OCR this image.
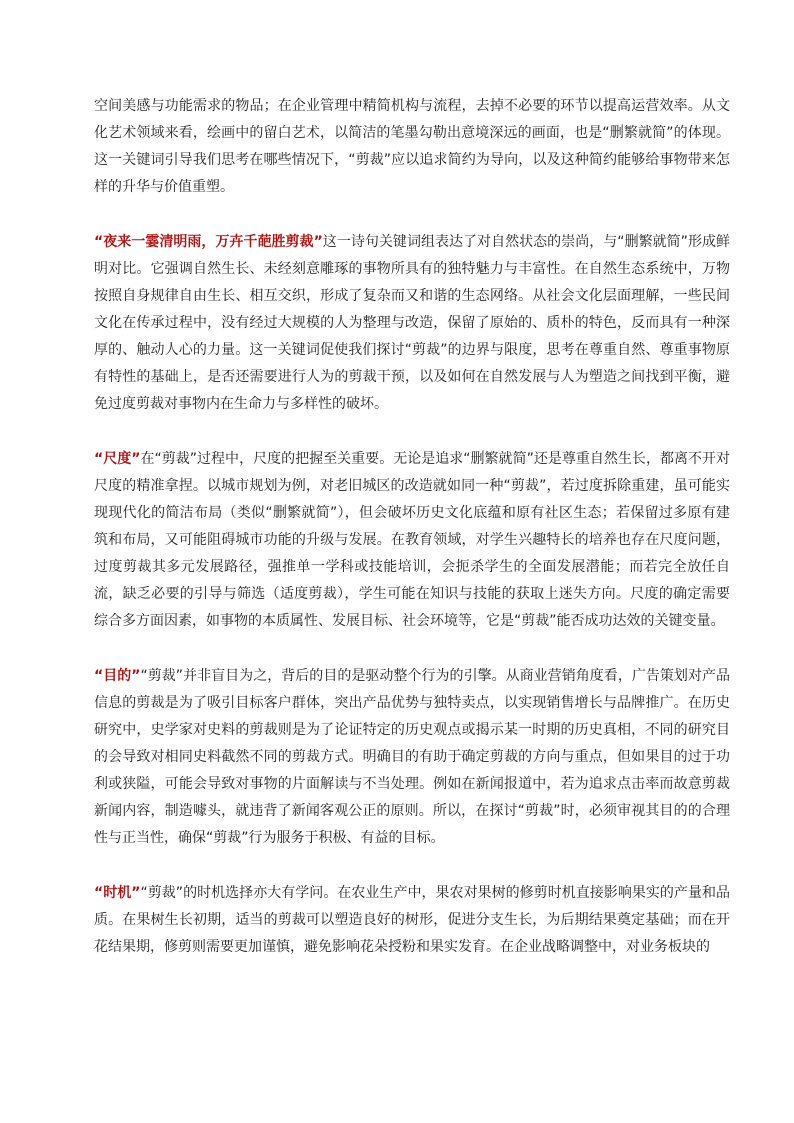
空间美感与功能需求的物品；在企业管理中精简机构与流程，去掉不必要的环节以提高运营效率。从文化艺术领域来看，绘画中的留白艺术，以简洁的笔墨勾勒出意境深远的画面，也是“删繁就简”的体现。这一关键词引导我们思考在哪些情况下，“剪裁”应以追求简约为导向，以及这种简约能够给事物带来怎样的升华与价值重塑。

“夜来一霎清明雨，万卉千葩胜剪裁”这一诗句关键词组表达了对自然状态的崇尚，与“删繁就简”形成鲜明对比。它强调自然生长、未经刻意雕琢的事物所具有的独特魅力与丰富性。在自然生态系统中，万物按照自身规律自由生长、相互交织，形成了复杂而又和谐的生态网络。从社会文化层面理解，一些民间文化在传承过程中，没有经过大规模的人为整理与改造，保留了原始的、质朴的特色，反而具有一种深厚的、触动人心的力量。这一关键词促使我们探讨“剪裁”的边界与限度，思考在尊重自然、尊重事物原有特性的基础上，是否还需要进行人为的剪裁干预，以及如何在自然发展与人为塑造之间找到平衡，避免过度剪裁对事物内在生命力与多样性的破坏。

“尺度”在“剪裁”过程中，尺度的把握至关重要。无论是追求“删繁就简”还是尊重自然生长，都离不开对尺度的精准拿捏。以城市规划为例，对老旧城区的改造就如同一种“剪裁”，若过度拆除重建，虽可能实现现代化的简洁布局（类似“删繁就简”），但会破坏历史文化底蕴和原有社区生态；若保留过多原有建筑和布局，又可能阻碍城市功能的升级与发展。在教育领域，对学生兴趣特长的培养也存在尺度问题，过度剪裁其多元发展路径，强推单一学科或技能培训，会扼杀学生的全面发展潜能；而若完全放任自流，缺乏必要的引导与筛选（适度剪裁），学生可能在知识与技能的获取上迷失方向。尺度的确定需要综合多方面因素，如事物的本质属性、发展目标、社会环境等，它是“剪裁”能否成功达效的关键变量。

“目的”“剪裁”并非盲目为之，背后的目的是驱动整个行为的引擎。从商业营销角度看，广告策划对产品信息的剪裁是为了吸引目标客户群体，突出产品优势与独特卖点，以实现销售增长与品牌推广。在历史研究中，史学家对史料的剪裁则是为了论证特定的历史观点或揭示某一时期的历史真相，不同的研究目的会导致对相同史料截然不同的剪裁方式。明确目的有助于确定剪裁的方向与重点，但如果目的过于功利或狭隘，可能会导致对事物的片面解读与不当处理。例如在新闻报道中，若为追求点击率而故意剪裁新闻内容，制造噱头，就违背了新闻客观公正的原则。所以，在探讨“剪裁”时，必须审视其目的的合理性与正当性，确保“剪裁”行为服务于积极、有益的目标。

“时机”“剪裁”的时机选择亦大有学问。在农业生产中，果农对果树的修剪时机直接影响果实的产量和品质。在果树生长初期，适当的剪裁可以塑造良好的树形，促进分支生长，为后期结果奠定基础；而在开花结果期，修剪则需要更加谨慎，避免影响花朵授粉和果实发育。在企业战略调整中，对业务板块的
